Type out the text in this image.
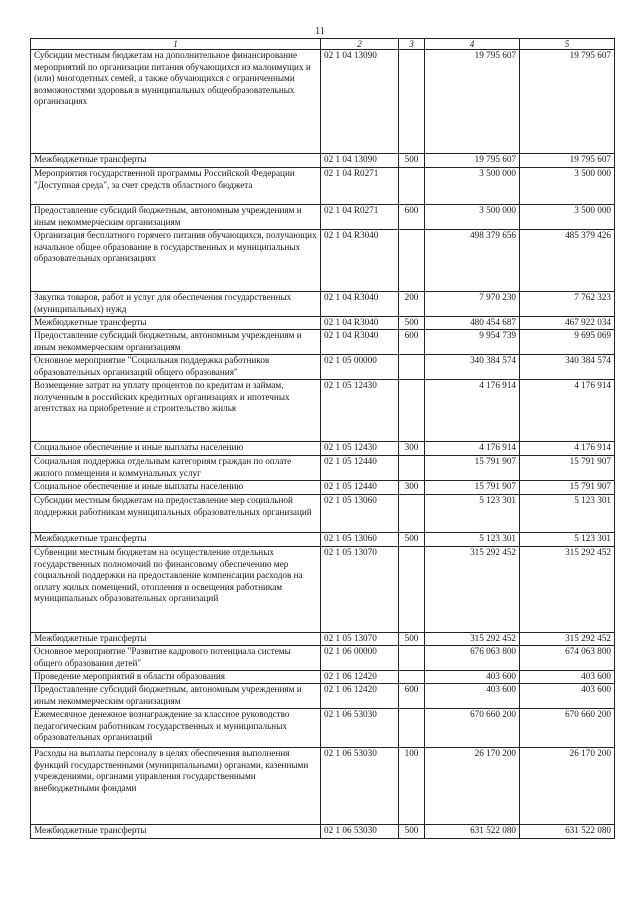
11
1	2	3	4	5
Субсидии местным бюджетам на дополнительное финансирование мероприятий по организации питания обучающихся из малоимущих и (или) многодетных семей, а также обучающихся с ограниченными возможностями здоровья в муниципальных общеобразовательных организациях	02 1 04 13090		19 795 607	19 795 607
Межбюджетные трансферты	02 1 04 13090	500	19 795 607	19 795 607
Мероприятия государственной программы Российской Федерации "Доступная среда", за счет средств областного бюджета	02 1 04 R0271		3 500 000	3 500 000
Предоставление субсидий бюджетным, автономным учреждениям и иным некоммерческим организациям	02 1 04 R0271	600	3 500 000	3 500 000
Организация бесплатного горячего питания обучающихся, получающих начальное общее образование в государственных и муниципальных образовательных организациях	02 1 04 R3040		498 379 656	485 379 426
Закупка товаров, работ и услуг для обеспечения государственных (муниципальных) нужд	02 1 04 R3040	200	7 970 230	7 762 323
Межбюджетные трансферты	02 1 04 R3040	500	480 454 687	467 922 034
Предоставление субсидий бюджетным, автономным учреждениям и иным некоммерческим организациям	02 1 04 R3040	600	9 954 739	9 695 069
Основное мероприятие "Социальная поддержка работников образовательных организаций общего образования"	02 1 05 00000		340 384 574	340 384 574
Возмещение затрат на уплату процентов по кредитам и займам, полученным в российских кредитных организациях и ипотечных агентствах на приобретение и строительство жилья	02 1 05 12430		4 176 914	4 176 914
Социальное обеспечение и иные выплаты населению	02 1 05 12430	300	4 176 914	4 176 914
Социальная поддержка отдельным категориям граждан по оплате жилого помещения и коммунальных услуг	02 1 05 12440		15 791 907	15 791 907
Социальное обеспечение и иные выплаты населению	02 1 05 12440	300	15 791 907	15 791 907
Субсидии местным бюджетам на предоставление мер социальной поддержки работникам муниципальных образовательных организаций	02 1 05 13060		5 123 301	5 123 301
Межбюджетные трансферты	02 1 05 13060	500	5 123 301	5 123 301
Субвенции местным бюджетам на осуществление отдельных государственных полномочий по финансовому обеспечению мер социальной поддержки на предоставление компенсации расходов на оплату жилых помещений, отопления и освещения работникам муниципальных образовательных организаций	02 1 05 13070		315 292 452	315 292 452
Межбюджетные трансферты	02 1 05 13070	500	315 292 452	315 292 452
Основное мероприятие "Развитие кадрового потенциала системы общего образования детей"	02 1 06 00000		676 063 800	674 063 800
Проведение мероприятий в области образования	02 1 06 12420		403 600	403 600
Предоставление субсидий бюджетным, автономным учреждениям и иным некоммерческим организациям	02 1 06 12420	600	403 600	403 600
Ежемесячное денежное вознаграждение за классное руководство педагогическим работникам государственных и муниципальных образовательных организаций	02 1 06 53030		670 660 200	670 660 200
Расходы на выплаты персоналу в целях обеспечения выполнения функций государственными (муниципальными) органами, казенными учреждениями, органами управления государственными внебюджетными фондами	02 1 06 53030	100	26 170 200	26 170 200
Межбюджетные трансферты	02 1 06 53030	500	631 522 080	631 522 080
